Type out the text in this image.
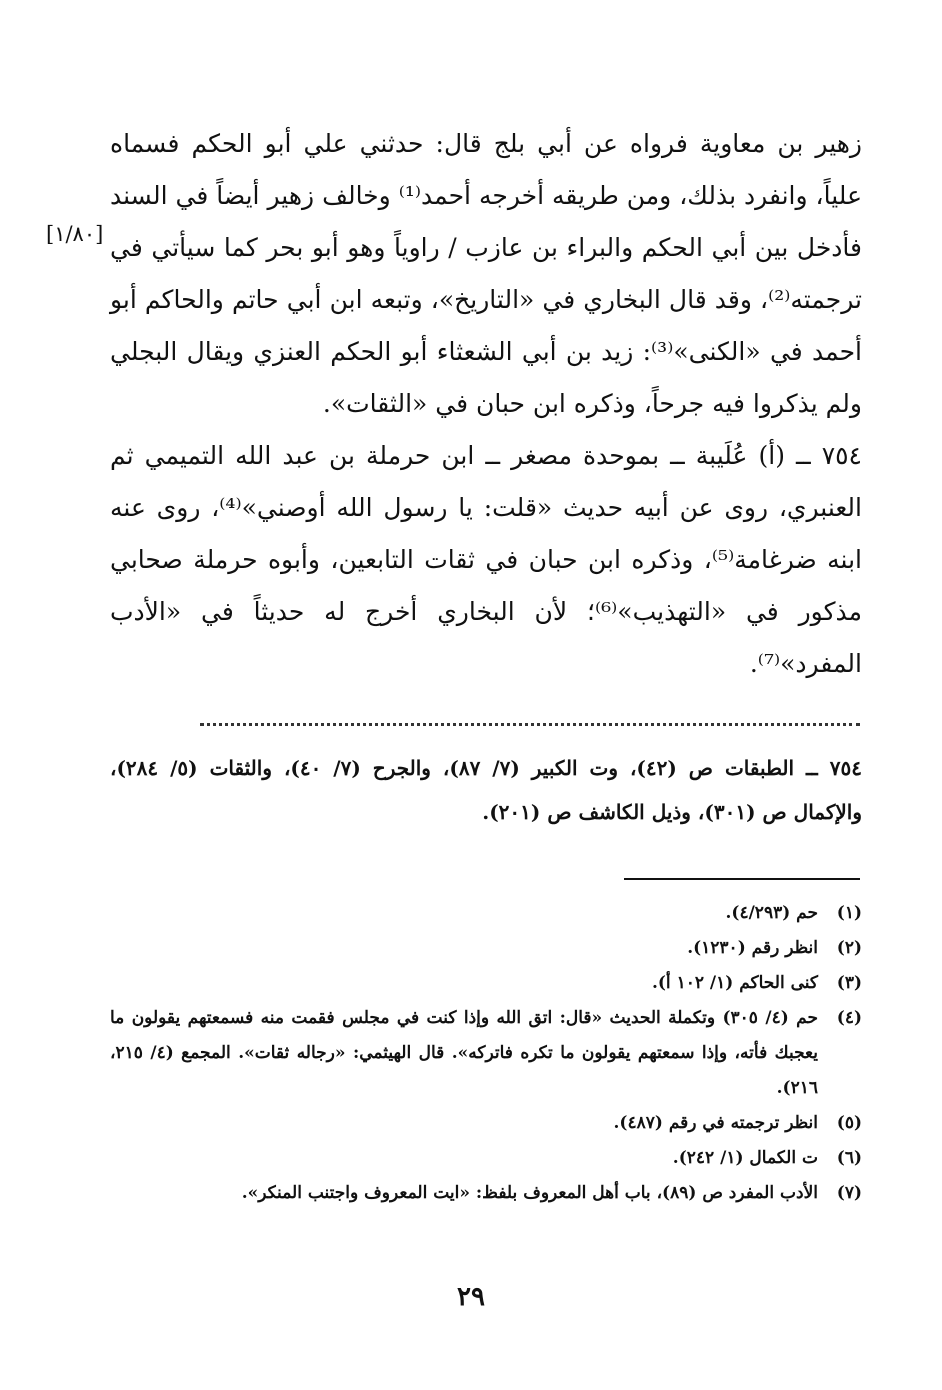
زهير بن معاوية فرواه عن أبي بلج قال: حدثني علي أبو الحكم فسماه علياً، وانفرد بذلك، ومن طريقه أخرجه أحمد⁽¹⁾ وخالف زهير أيضاً في السند فأدخل بين أبي الحكم والبراء بن عازب / راوياً وهو أبو بحر كما سيأتي في ترجمته⁽²⁾، وقد قال البخاري في «التاريخ»، وتبعه ابن أبي حاتم والحاكم أبو أحمد في «الكنى»⁽³⁾: زيد بن أبي الشعثاء أبو الحكم العنزي ويقال البجلي ولم يذكروا فيه جرحاً، وذكره ابن حبان في «الثقات».

[١/٨٠]

٧٥٤ ــ (أ) عُلَيبة ــ بموحدة مصغر ــ ابن حرملة بن عبد الله التميمي ثم العنبري، روى عن أبيه حديث «قلت: يا رسول الله أوصني»⁽⁴⁾، روى عنه ابنه ضرغامة⁽⁵⁾، وذكره ابن حبان في ثقات التابعين، وأبوه حرملة صحابي مذكور في «التهذيب»⁽⁶⁾؛ لأن البخاري أخرج له حديثاً في «الأدب المفرد»⁽⁷⁾.

٧٥٤ ــ الطبقات ص (٤٢)، وت الكبير (٧/ ٨٧)، والجرح (٧/ ٤٠)، والثقات (٥/ ٢٨٤)، والإكمال ص (٣٠١)، وذيل الكاشف ص (٢٠١).
(١)
حم (٤/٢٩٣).
(٢)
انظر رقم (١٢٣٠).
(٣)
كنى الحاكم (١/ ١٠٢ أ).
(٤)
حم (٤/ ٣٠٥) وتكملة الحديث «قال: اتق الله وإذا كنت في مجلس فقمت منه فسمعتهم يقولون ما يعجبك فأته، وإذا سمعتهم يقولون ما تكره فاتركه». قال الهيثمي: «رجاله ثقات». المجمع (٤/ ٢١٥، ٢١٦).
(٥)
انظر ترجمته في رقم (٤٨٧).
(٦)
ت الكمال (١/ ٢٤٢).
(٧)
الأدب المفرد ص (٨٩)، باب أهل المعروف بلفظ: «ايت المعروف واجتنب المنكر».
٢٩
